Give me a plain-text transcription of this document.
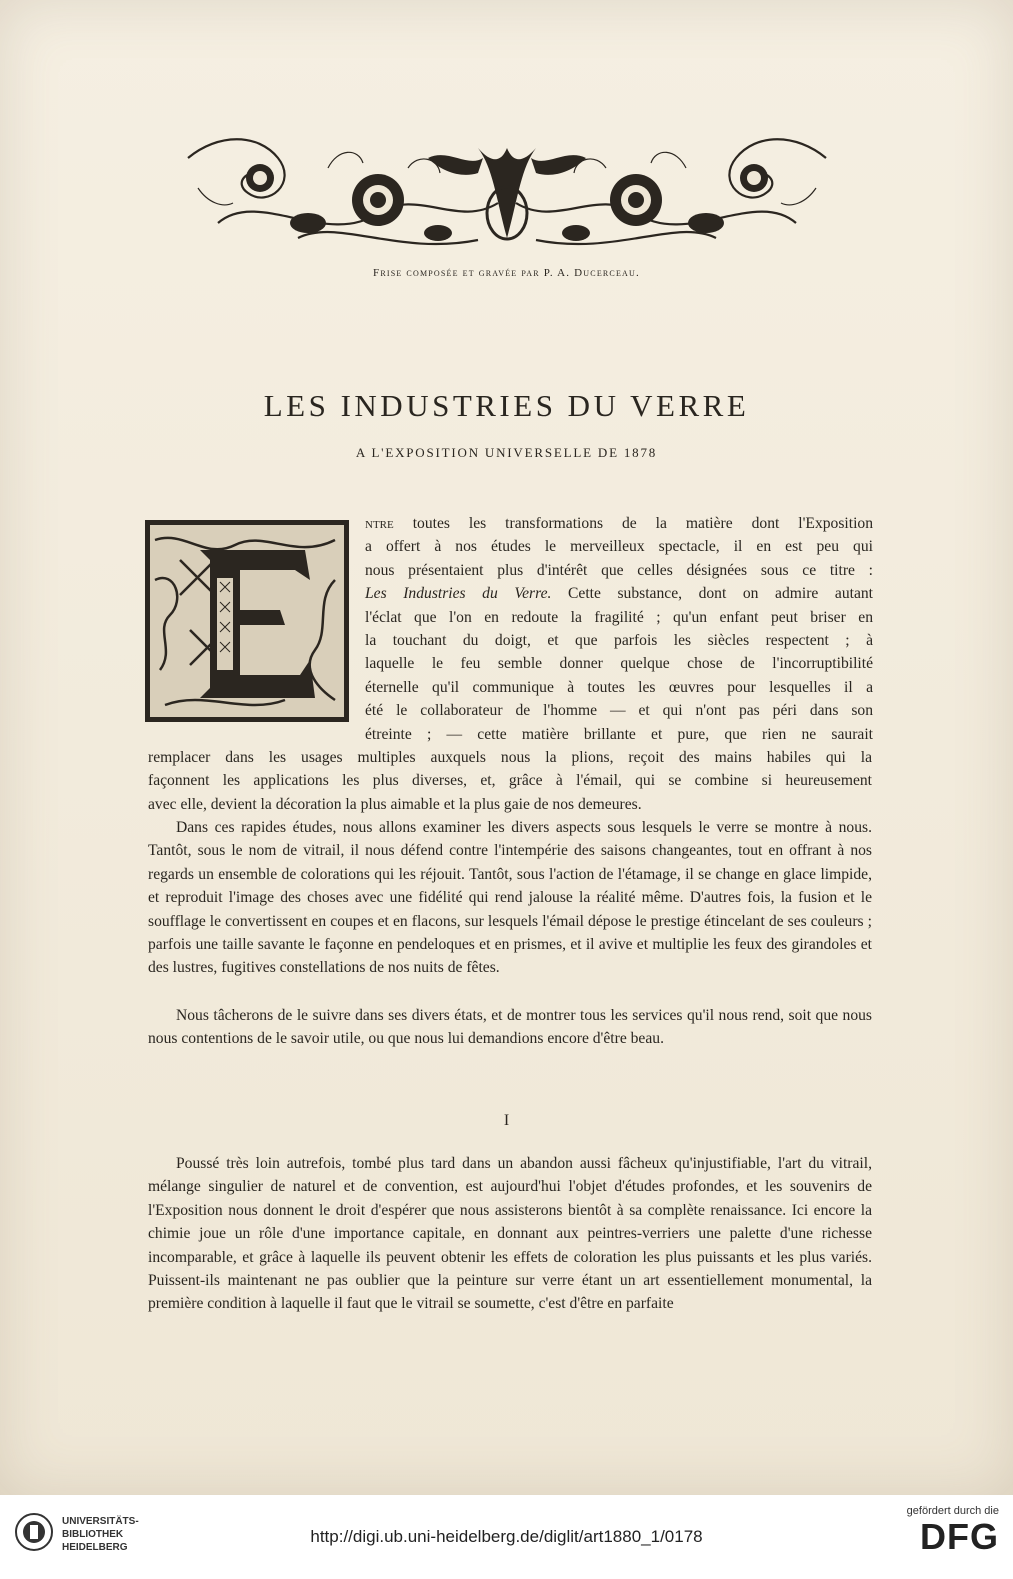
Frise composée et gravée par P. A. Ducerceau.
LES INDUSTRIES DU VERRE
A L'EXPOSITION UNIVERSELLE DE 1878

ntre toutes les transformations de la matière dont l'Exposition

a offert à nos études le merveilleux spectacle, il en est peu qui

nous présentaient plus d'intérêt que celles désignées sous ce titre :

Les Industries du Verre. Cette substance, dont on admire autant

l'éclat que l'on en redoute la fragilité ; qu'un enfant peut briser en

la touchant du doigt, et que parfois les siècles respectent ; à

laquelle le feu semble donner quelque chose de l'incorruptibilité

éternelle qu'il communique à toutes les œuvres pour lesquelles il a

été le collaborateur de l'homme — et qui n'ont pas péri dans son

étreinte ; — cette matière brillante et pure, que rien ne saurait

remplacer dans les usages multiples auxquels nous la plions, reçoit des mains habiles qui la

façonnent les applications les plus diverses, et, grâce à l'émail, qui se combine si heureusement

avec elle, devient la décoration la plus aimable et la plus gaie de nos demeures.

Dans ces rapides études, nous allons examiner les divers aspects sous lesquels le verre se montre à nous. Tantôt, sous le nom de vitrail, il nous défend contre l'intempérie des saisons changeantes, tout en offrant à nos regards un ensemble de colorations qui les réjouit. Tantôt, sous l'action de l'étamage, il se change en glace limpide, et reproduit l'image des choses avec une fidélité qui rend jalouse la réalité même. D'autres fois, la fusion et le soufflage le convertissent en coupes et en flacons, sur lesquels l'émail dépose le prestige étincelant de ses couleurs ; parfois une taille savante le façonne en pendeloques et en prismes, et il avive et multiplie les feux des girandoles et des lustres, fugitives constellations de nos nuits de fêtes.

Nous tâcherons de le suivre dans ses divers états, et de montrer tous les services qu'il nous rend, soit que nous nous contentions de le savoir utile, ou que nous lui demandions encore d'être beau.

I

Poussé très loin autrefois, tombé plus tard dans un abandon aussi fâcheux qu'injustifiable, l'art du vitrail, mélange singulier de naturel et de convention, est aujourd'hui l'objet d'études profondes, et les souvenirs de l'Exposition nous donnent le droit d'espérer que nous assisterons bientôt à sa complète renaissance. Ici encore la chimie joue un rôle d'une importance capitale, en donnant aux peintres-verriers une palette d'une richesse incomparable, et grâce à laquelle ils peuvent obtenir les effets de coloration les plus puissants et les plus variés. Puissent-ils maintenant ne pas oublier que la peinture sur verre étant un art essentiellement monumental, la première condition à laquelle il faut que le vitrail se soumette, c'est d'être en parfaite

UNIVERSITÄTS-
BIBLIOTHEK
HEIDELBERG
http://digi.ub.uni-heidelberg.de/diglit/art1880_1/0178
gefördert durch die
DFG
